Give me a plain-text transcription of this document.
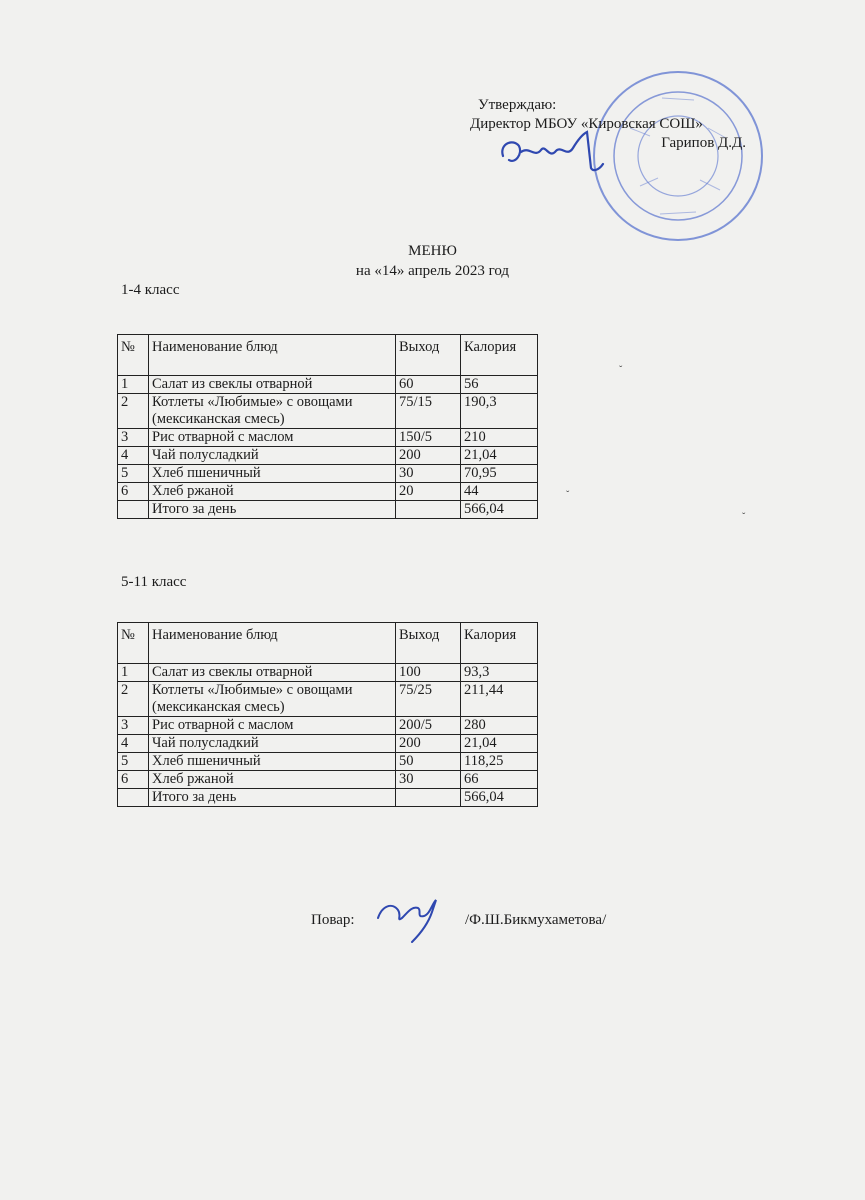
Утверждаю:
Директор МБОУ «Кировская СОШ»
Гарипов Д.Д.
МЕНЮ
на «14» апрель 2023 год
1-4 класс
№	Наименование блюд	Выход	Калория
1	Салат из свеклы отварной	60	56
2	Котлеты «Любимые» с овощами (мексиканская смесь)	75/15	190,3
3	Рис отварной с маслом	150/5	210
4	Чай полусладкий	200	21,04
5	Хлеб пшеничный	30	70,95
6	Хлеб ржаной	20	44
	Итого за день		566,04
5-11 класс
№	Наименование блюд	Выход	Калория
1	Салат из свеклы отварной	100	93,3
2	Котлеты «Любимые» с овощами (мексиканская смесь)	75/25	211,44
3	Рис отварной с маслом	200/5	280
4	Чай полусладкий	200	21,04
5	Хлеб пшеничный	50	118,25
6	Хлеб ржаной	30	66
	Итого за день		566,04
Повар:	/Ф.Ш.Бикмухаметова/
ˇ
ˇ
ˇ
